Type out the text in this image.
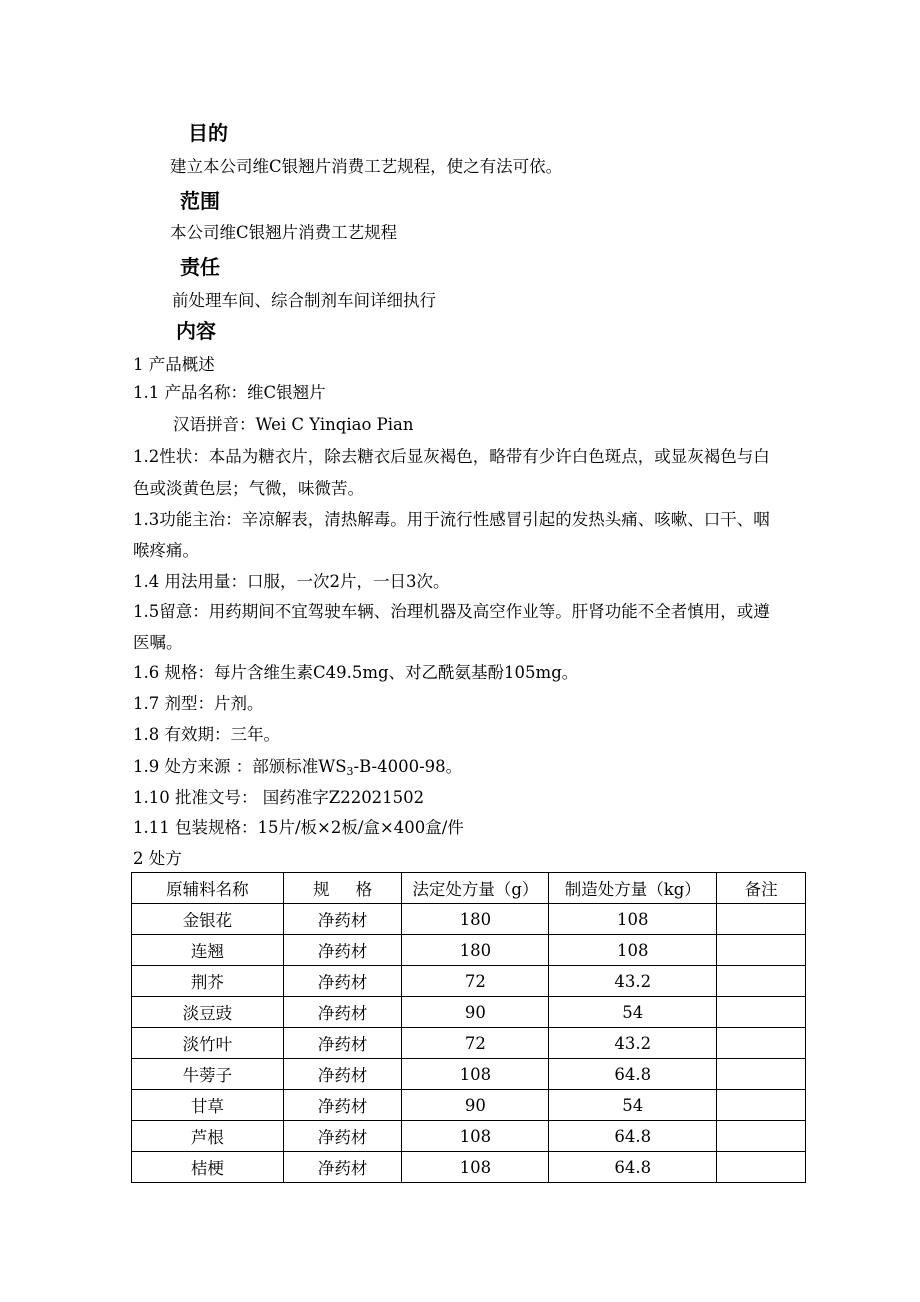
目的
建立本公司维C银翘片消费工艺规程，使之有法可依。
范围
本公司维C银翘片消费工艺规程
责任
前处理车间、综合制剂车间详细执行
内容
1 产品概述
1.1 产品名称：维C银翘片
汉语拼音：Wei C Yinqiao Pian
1.2性状：本品为糖衣片，除去糖衣后显灰褐色，略带有少许白色斑点，或显灰褐色与白
色或淡黄色层；气微，味微苦。
1.3功能主治：辛凉解表，清热解毒。用于流行性感冒引起的发热头痛、咳嗽、口干、咽
喉疼痛。
1.4 用法用量：口服，一次2片，一日3次。
1.5留意：用药期间不宜驾驶车辆、治理机器及高空作业等。肝肾功能不全者慎用，或遵
医嘱。
1.6 规格：每片含维生素C49.5mg、对乙酰氨基酚105mg。
1.7 剂型：片剂。
1.8 有效期：三年。
1.9 处方来源 ：部颁标准$WS_3-B-4000-98$。
1.10 批准文号： 国药准字Z22021502
1.11 包装规格：15片/板×2板/盒×400盒/件
2 处方
原辅料名称	规     格	法定处方量（g）	制造处方量（kg）	备注
金银花	净药材	180	108	
连翘	净药材	180	108	
荆芥	净药材	72	43.2	
淡豆豉	净药材	90	54	
淡竹叶	净药材	72	43.2	
牛蒡子	净药材	108	64.8	
甘草	净药材	90	54	
芦根	净药材	108	64.8	
桔梗	净药材	108	64.8	
